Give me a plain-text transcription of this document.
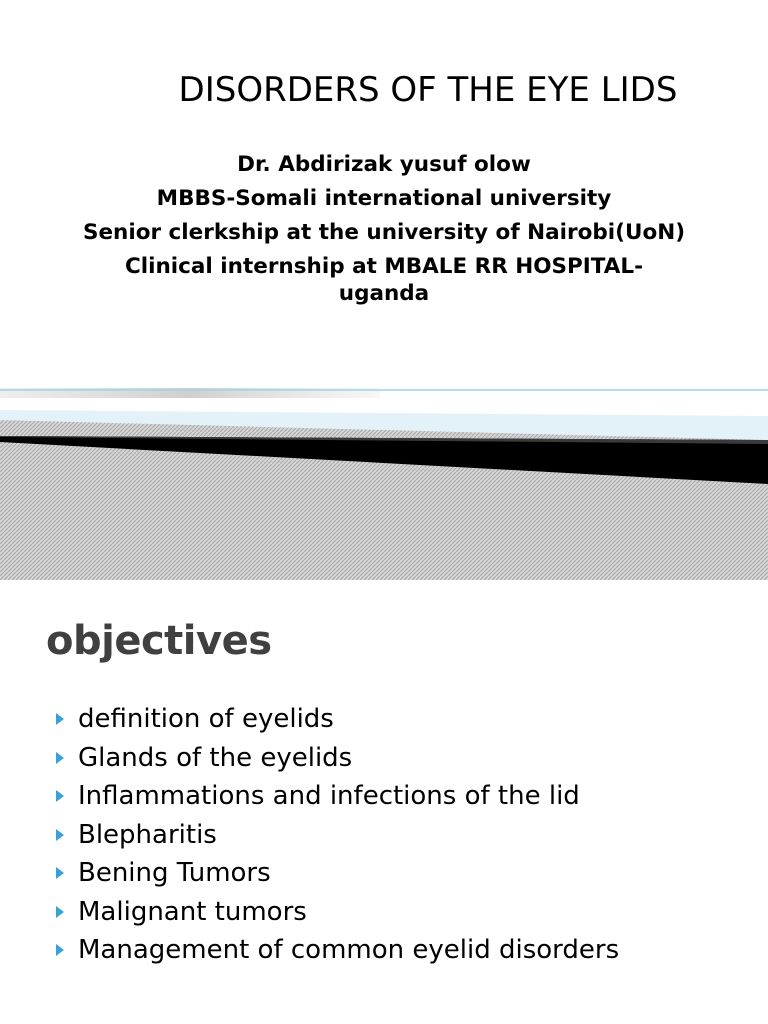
DISORDERS OF THE EYE LIDS
Dr. Abdirizak yusuf olow
MBBS-Somali international university
Senior clerkship at the university of Nairobi(UoN)
Clinical internship at MBALE RR HOSPITAL-
uganda
objectives
definition of eyelids
Glands of the eyelids
Inflammations and infections of the lid
Blepharitis
Bening Tumors
Malignant tumors
Management of common eyelid disorders
